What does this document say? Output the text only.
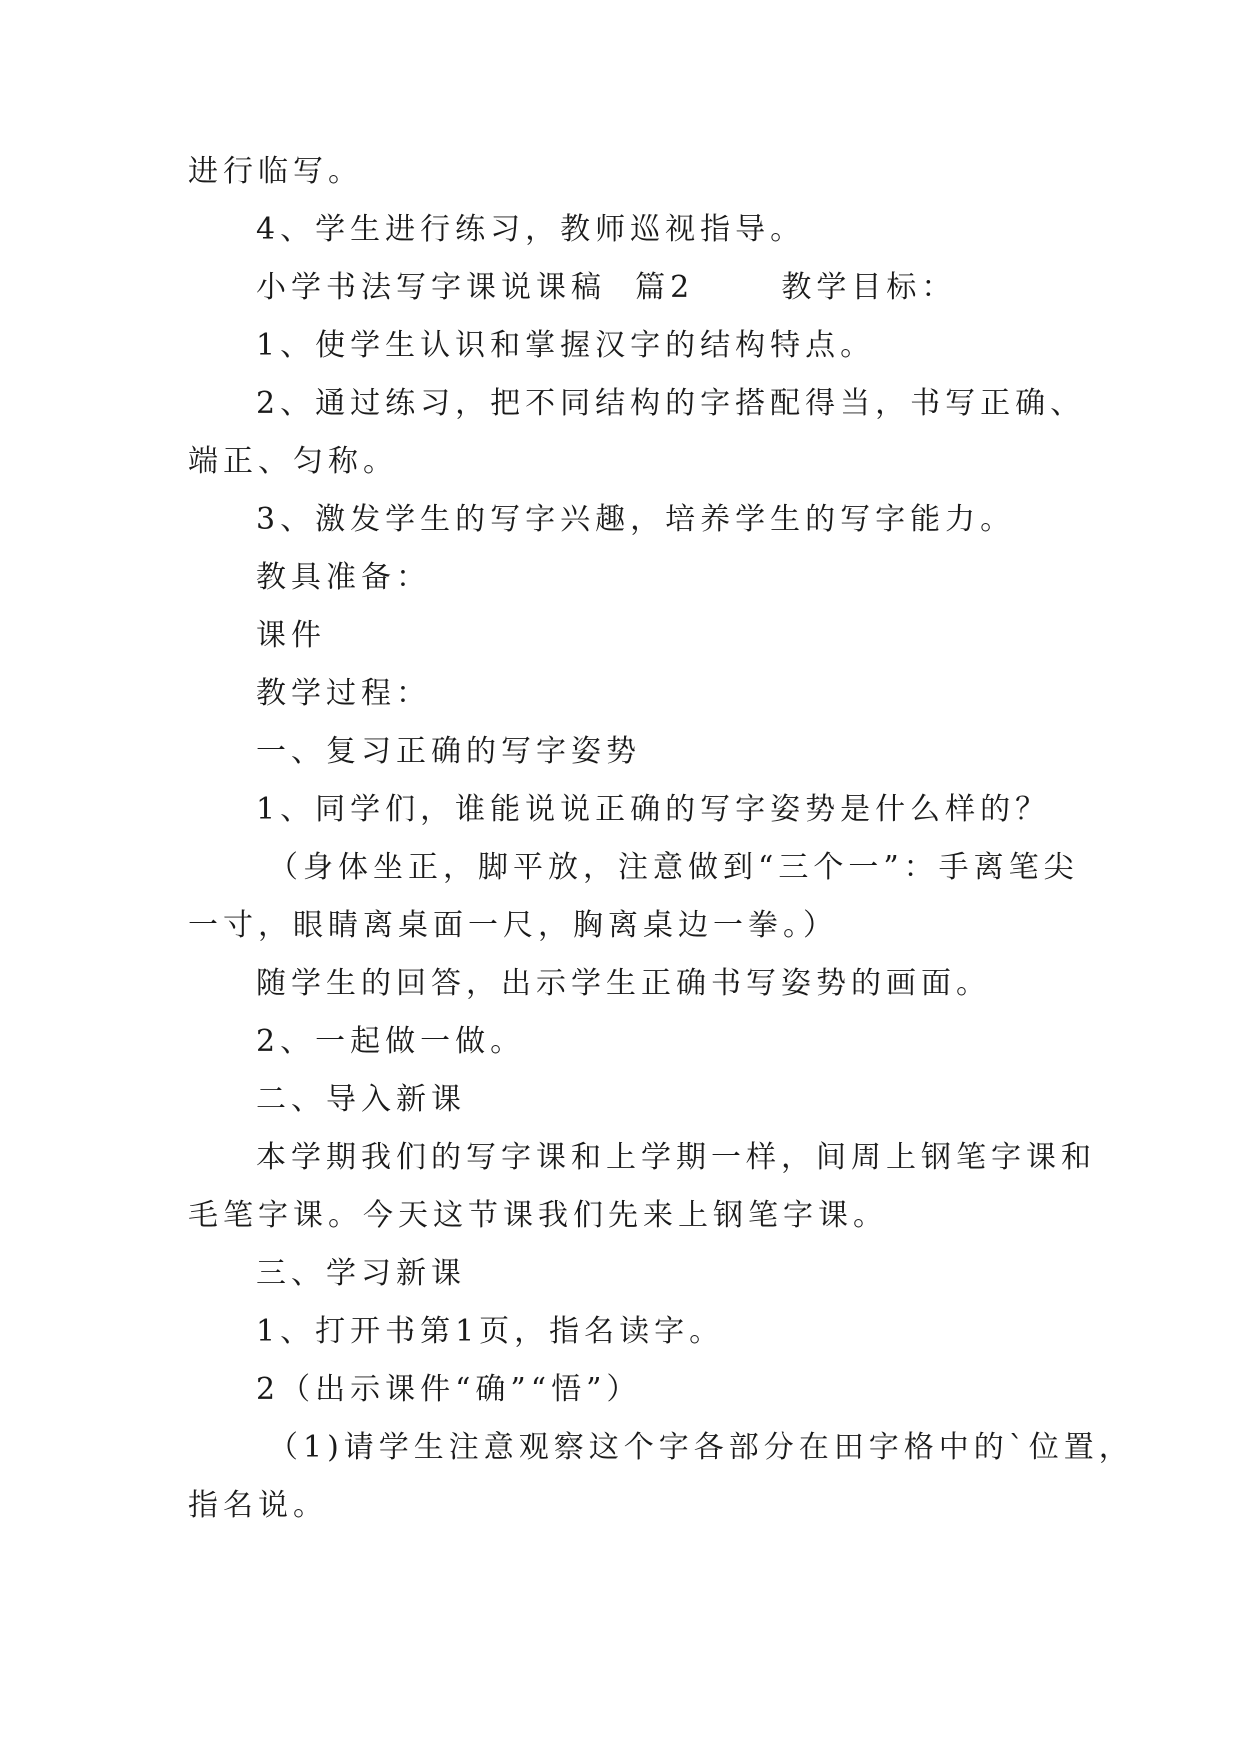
进行临写。
4、学生进行练习，教师巡视指导。
小学书法写字课说课稿  篇2      教学目标：
1、使学生认识和掌握汉字的结构特点。
2、通过练习，把不同结构的字搭配得当，书写正确、
端正、匀称。
3、激发学生的写字兴趣，培养学生的写字能力。
教具准备：
课件
教学过程：
一、复习正确的写字姿势
1、同学们，谁能说说正确的写字姿势是什么样的？
（身体坐正，脚平放，注意做到“三个一”：手离笔尖
一寸，眼睛离桌面一尺，胸离桌边一拳。）
随学生的回答，出示学生正确书写姿势的画面。
2、一起做一做。
二、导入新课
本学期我们的写字课和上学期一样，间周上钢笔字课和
毛笔字课。今天这节课我们先来上钢笔字课。
三、学习新课
1、打开书第1页，指名读字。
2（出示课件“确”“悟”）
（1)请学生注意观察这个字各部分在田字格中的`位置，
指名说。
